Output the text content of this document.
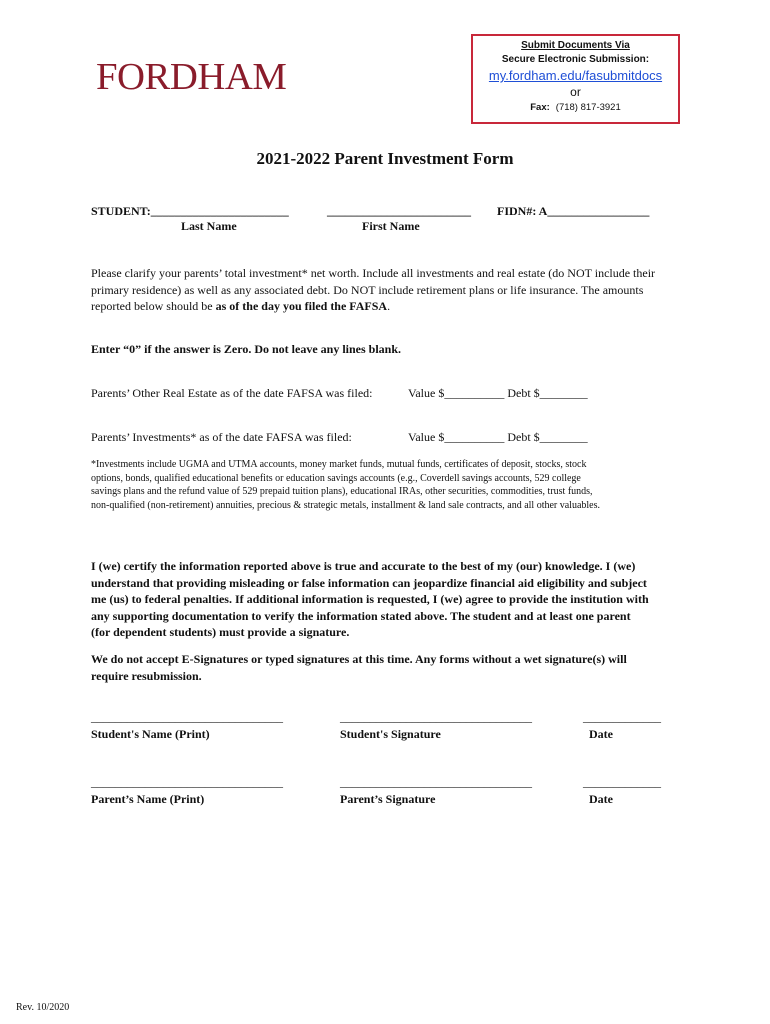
FORDHAM
Submit Documents Via
Secure Electronic Submission:
my.fordham.edu/fasubmitdocs
or
Fax: (718) 817-3921
2021-2022 Parent Investment Form
STUDENT:_______________________	________________________ FIDN#: A_________________
Last Name	First Name
Please clarify your parents’ total investment* net worth. Include all investments and real estate (do NOT include their
primary residence) as well as any associated debt. Do NOT include retirement plans or life insurance. The amounts
reported below should be as of the day you filed the FAFSA.
Enter “0” if the answer is Zero. Do not leave any lines blank.
Parents’ Other Real Estate as of the date FAFSA was filed:	Value $__________ Debt $________
Parents’ Investments* as of the date FAFSA was filed:	Value $__________ Debt $________
*Investments include UGMA and UTMA accounts, money market funds, mutual funds, certificates of deposit, stocks, stock
options, bonds, qualified educational benefits or education savings accounts (e.g., Coverdell savings accounts, 529 college
savings plans and the refund value of 529 prepaid tuition plans), educational IRAs, other securities, commodities, trust funds,
non-qualified (non-retirement) annuities, precious & strategic metals, installment & land sale contracts, and all other valuables.
I (we) certify the information reported above is true and accurate to the best of my (our) knowledge. I (we)
understand that providing misleading or false information can jeopardize financial aid eligibility and subject
me (us) to federal penalties. If additional information is requested, I (we) agree to provide the institution with
any supporting documentation to verify the information stated above. The student and at least one parent
(for dependent students) must provide a signature.
We do not accept E-Signatures or typed signatures at this time. Any forms without a wet signature(s) will
require resubmission.
________________________________	________________________________	_____________
Student's Name (Print)	Student's Signature	Date
________________________________	________________________________	_____________
Parent’s Name (Print)	Parent’s Signature	Date
Rev. 10/2020
